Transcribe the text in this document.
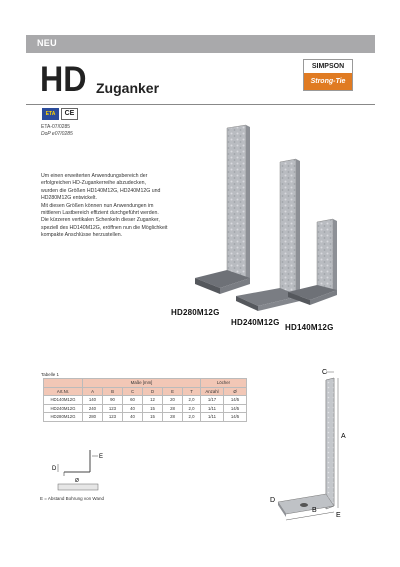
NEU
HD Zuganker
SIMPSON
Strong-Tie
ETA	CE
ETA-07/0285
DoP e07/0285

Um einen erweiterten Anwendungsbereich der

erfolgreichen HD-Zugankerreihe abzudecken,

wurden die Größen HD140M12G, HD240M12G und

HD280M12G entwickelt.

Mit diesen Größen können nun Anwendungen im

mittleren Lastbereich effizient durchgeführt werden.

Die kürzeren vertikalen Schenkeln dieser Zuganker,

speziell des HD140M12G, eröffnen nun die Möglichkeit

kompakte Anschlüsse herzustellen.

HD280M12G
HD240M12G
HD140M12G
Tabelle 1
	Maße [mm]						Löcher	
Art.Nr.	A	B	C	D	E	T	Anzahl	Ø
HD140M12G	140	90	60	12	20	2,0	1/17	14/5
HD240M12G	240	123	40	15	28	2,0	1/11	14/5
HD280M12G	280	123	40	15	28	2,0	1/11	14/5
D
E
Ø
E = Abstand Bohrung von Wand
C
A
D
B
E
